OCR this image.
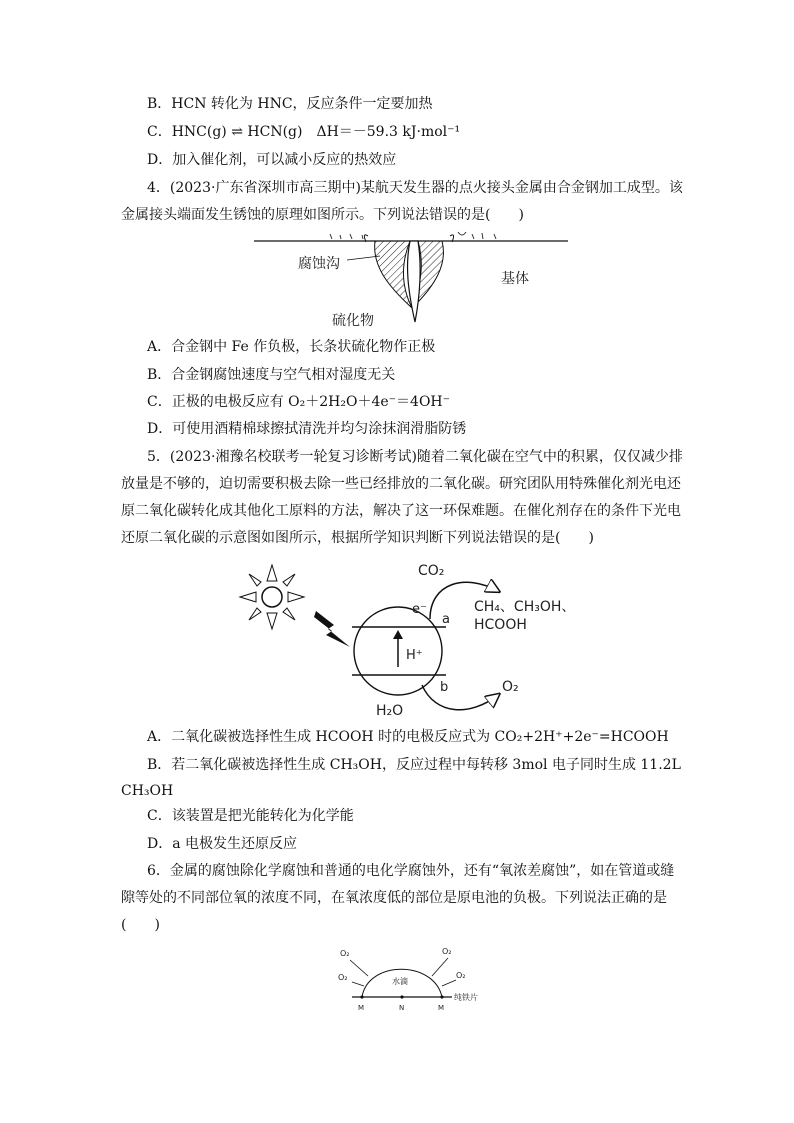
B．HCN 转化为 HNC，反应条件一定要加热
C．HNC(g) ⇌ HCN(g)　ΔH＝－59.3 kJ·mol⁻¹
D．加入催化剂，可以减小反应的热效应
4．(2023·广东省深圳市高三期中)某航天发生器的点火接头金属由合金钢加工成型。该
金属接头端面发生锈蚀的原理如图所示。下列说法错误的是(　　)
腐蚀沟
基体
硫化物
A．合金钢中 Fe 作负极，长条状硫化物作正极
B．合金钢腐蚀速度与空气相对湿度无关
C．正极的电极反应有 O₂＋2H₂O＋4e⁻＝4OH⁻
D．可使用酒精棉球擦拭清洗并均匀涂抹润滑脂防锈
5．(2023·湘豫名校联考一轮复习诊断考试)随着二氧化碳在空气中的积累，仅仅减少排
放量是不够的，迫切需要积极去除一些已经排放的二氧化碳。研究团队用特殊催化剂光电还
原二氧化碳转化成其他化工原料的方法，解决了这一环保难题。在催化剂存在的条件下光电
还原二氧化碳的示意图如图所示，根据所学知识判断下列说法错误的是(　　)
CO₂
e⁻	CH₄、CH₃OH、
HCOOH
a
H⁺
b
H₂O
O₂
A．二氧化碳被选择性生成 HCOOH 时的电极反应式为 CO₂+2H⁺+2e⁻=HCOOH
B．若二氧化碳被选择性生成 CH₃OH，反应过程中每转移 3mol 电子同时生成 11.2L
CH₃OH
C．该装置是把光能转化为化学能
D．a 电极发生还原反应
6．金属的腐蚀除化学腐蚀和普通的电化学腐蚀外，还有“氧浓差腐蚀”，如在管道或缝
隙等处的不同部位氧的浓度不同，在氧浓度低的部位是原电池的负极。下列说法正确的是
(　　)
O₂
O₂	O₂
O₂
水滴
纯铁片
M	N	M
